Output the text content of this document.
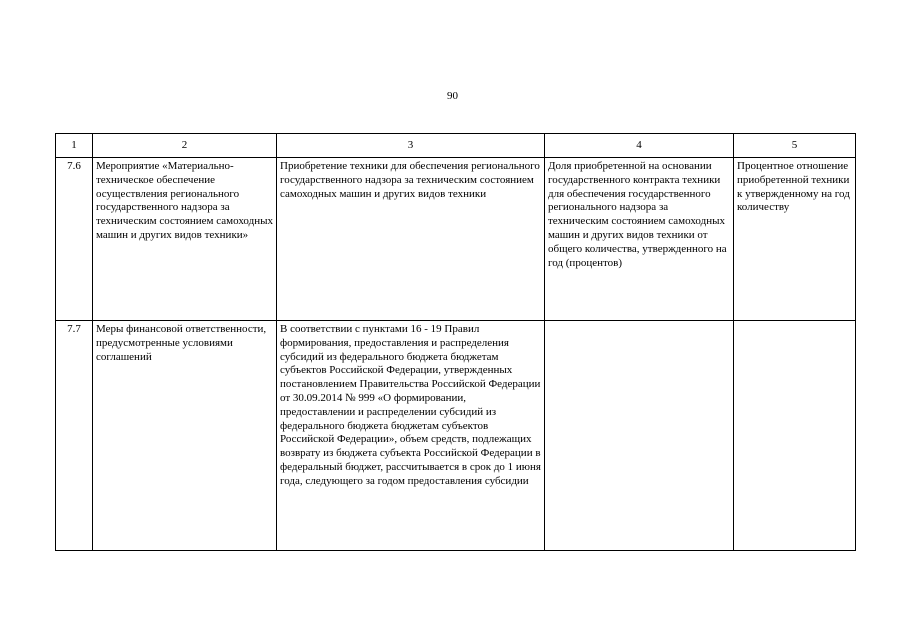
90
1	2	3	4	5
7.6	Мероприятие «Материально-техническое обеспечение осуществления регионального государственного надзора за техническим состоянием самоходных машин и других видов техники»	Приобретение техники для обеспечения регионального государственного надзора за техническим состоянием самоходных машин и других видов техники	Доля приобретенной на основании государственного контракта техники для обеспечения государственного регионального надзора за техническим состоянием самоходных машин и других видов техники от общего количества, утвержденного на год (процентов)	Процентное отношение приобретенной техники к утвержденному на год количеству
7.7	Меры финансовой ответственности, предусмотренные условиями соглашений	В соответствии с пунктами 16 - 19 Правил формирования, предоставления и распределения субсидий из федерального бюджета бюджетам субъектов Российской Федерации, утвержденных постановлением Правительства Российской Федерации от 30.09.2014 № 999 «О формировании, предоставлении и распределении субсидий из федерального бюджета бюджетам субъектов Российской Федерации», объем средств, подлежащих возврату из бюджета субъекта Российской Федерации в федеральный бюджет, рассчитывается в срок до 1 июня года, следующего за годом предоставления субсидии		
